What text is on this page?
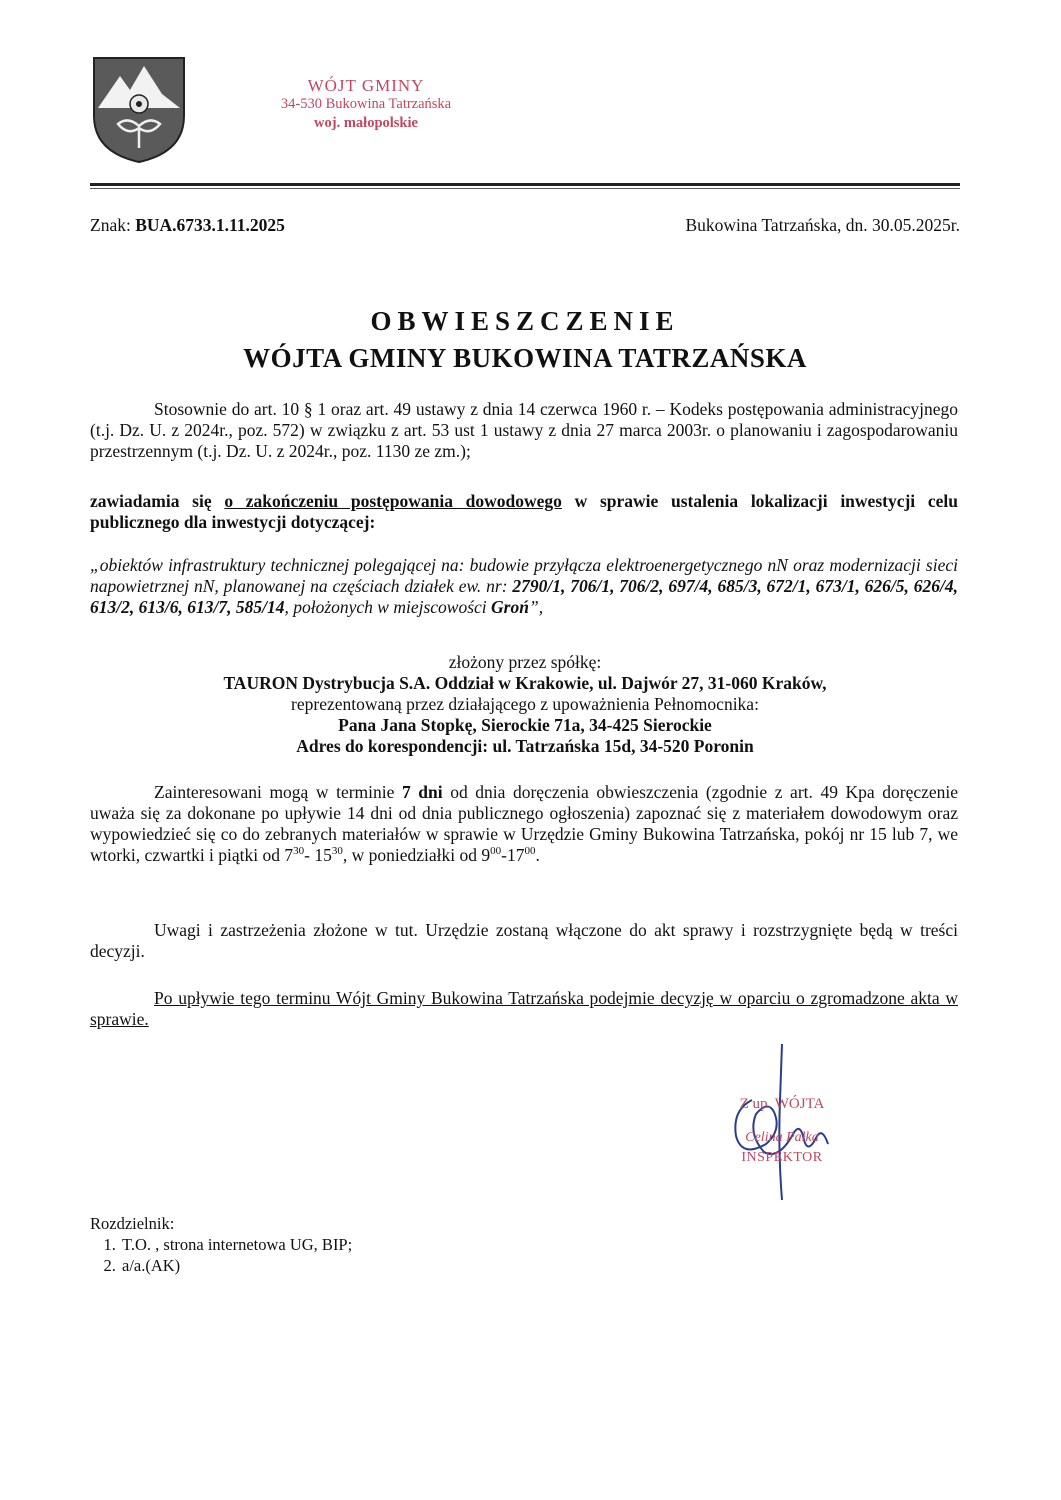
WÓJT GMINY
34-530 Bukowina Tatrzańska
woj. małopolskie
Znak: BUA.6733.1.11.2025	Bukowina Tatrzańska, dn. 30.05.2025r.
OBWIESZCZENIE
WÓJTA GMINY BUKOWINA TATRZAŃSKA
Stosownie do art. 10 § 1 oraz art. 49 ustawy z dnia 14 czerwca 1960 r. – Kodeks postępowania administracyjnego (t.j. Dz. U. z 2024r., poz. 572) w związku z art. 53 ust 1 ustawy z dnia 27 marca 2003r. o planowaniu i zagospodarowaniu przestrzennym (t.j. Dz. U. z 2024r., poz. 1130 ze zm.);
zawiadamia się o zakończeniu postępowania dowodowego w sprawie ustalenia lokalizacji inwestycji celu publicznego dla inwestycji dotyczącej:
„obiektów infrastruktury technicznej polegającej na: budowie przyłącza elektroenergetycznego nN oraz modernizacji sieci napowietrznej nN, planowanej na częściach działek ew. nr: 2790/1, 706/1, 706/2, 697/4, 685/3, 672/1, 673/1, 626/5, 626/4, 613/2, 613/6, 613/7, 585/14, położonych w miejscowości Groń”,
złożony przez spółkę:
TAURON Dystrybucja S.A. Oddział w Krakowie, ul. Dajwór 27, 31-060 Kraków,
reprezentowaną przez działającego z upoważnienia Pełnomocnika:
Pana Jana Stopkę, Sierockie 71a, 34-425 Sierockie
Adres do korespondencji: ul. Tatrzańska 15d, 34-520 Poronin
Zainteresowani mogą w terminie 7 dni od dnia doręczenia obwieszczenia (zgodnie z art. 49 Kpa doręczenie uważa się za dokonane po upływie 14 dni od dnia publicznego ogłoszenia) zapoznać się z materiałem dowodowym oraz wypowiedzieć się co do zebranych materiałów w sprawie w Urzędzie Gminy Bukowina Tatrzańska, pokój nr 15 lub 7, we wtorki, czwartki i piątki od $7^{30}-$ $15^{30}$, w poniedziałki od $9^{00}-17^{00}$.
Uwagi i zastrzeżenia złożone w tut. Urzędzie zostaną włączone do akt sprawy i rozstrzygnięte będą w treści decyzji.
Po upływie tego terminu Wójt Gminy Bukowina Tatrzańska podejmie decyzję w oparciu o zgromadzone akta w sprawie.
Z up. WÓJTA
Celina Pałka
INSPEKTOR
Rozdzielnik:
1. T.O. , strona internetowa UG, BIP;
2. a/a.(AK)
